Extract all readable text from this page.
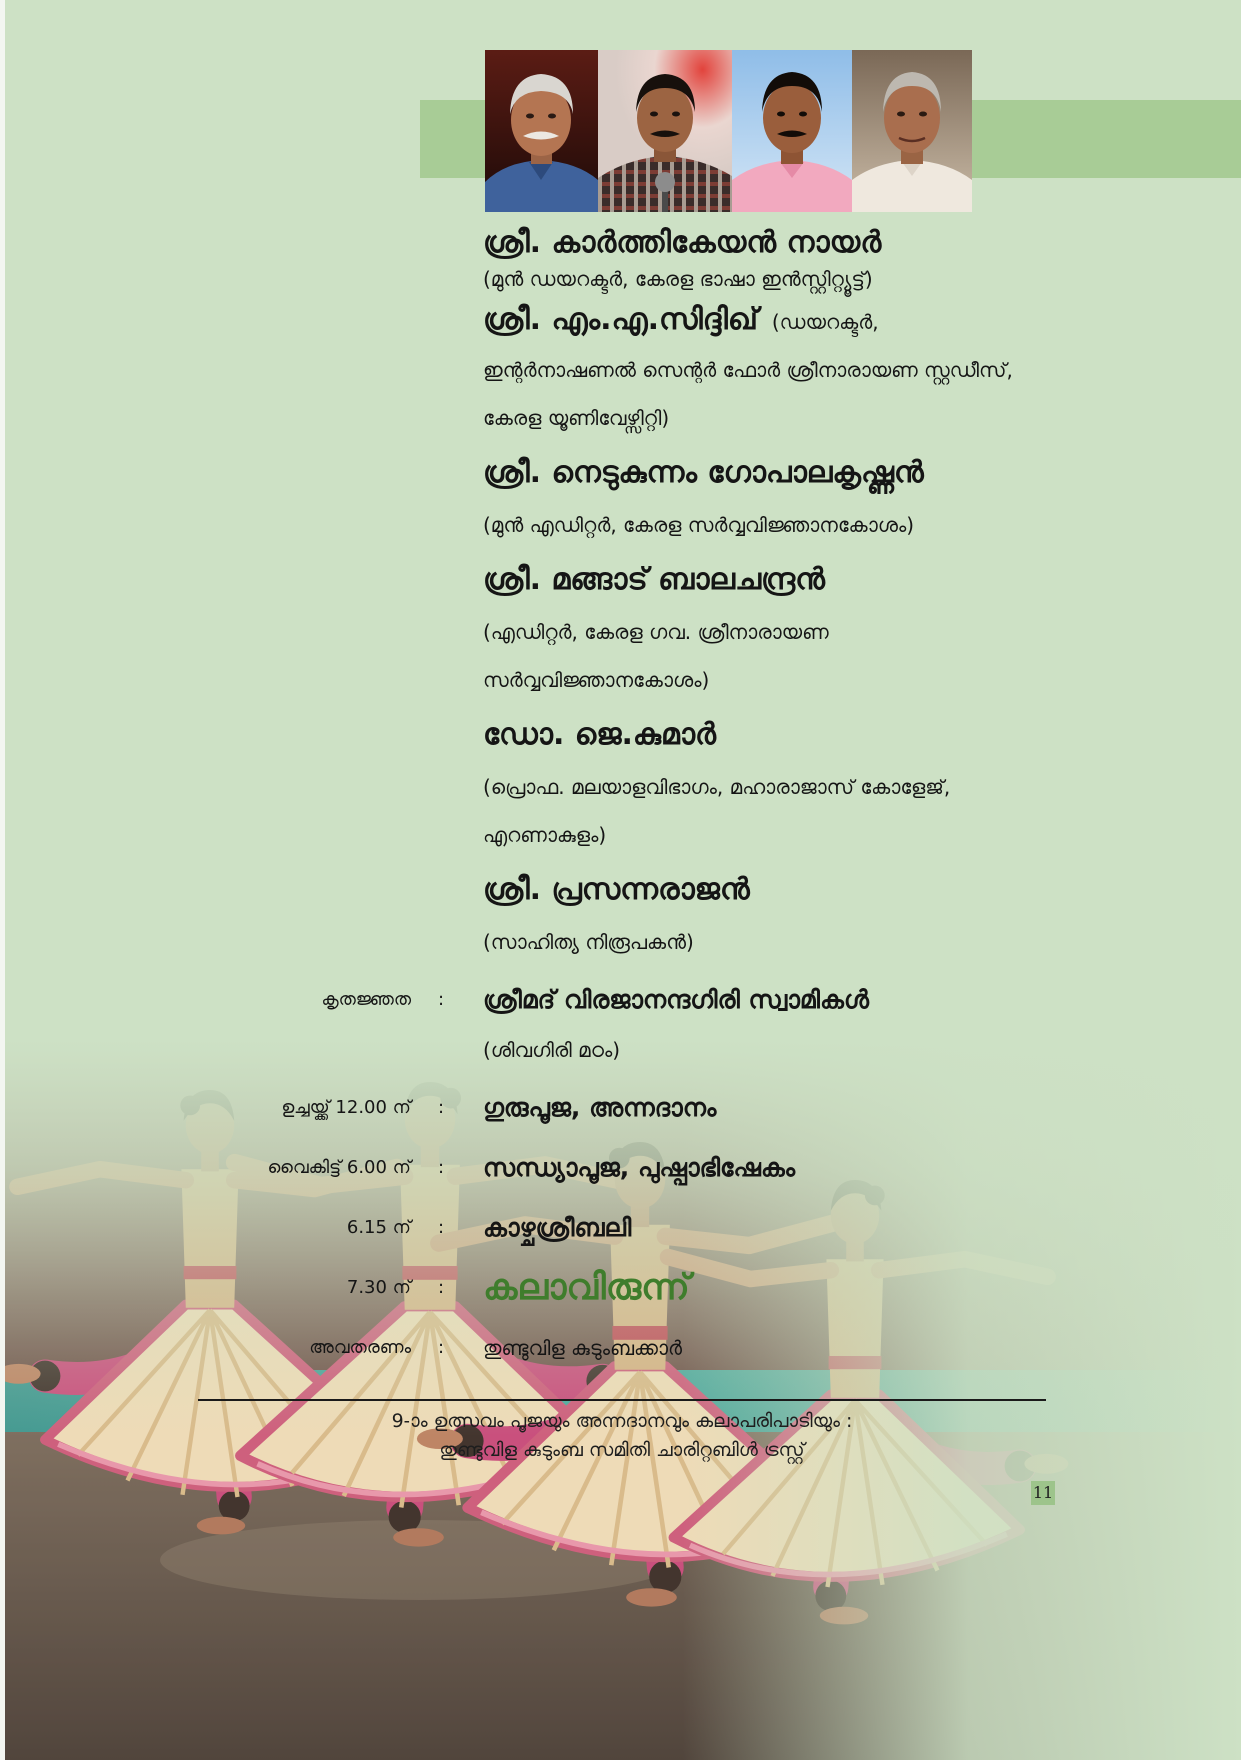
ശ്രീ. കാർത്തികേയൻ നായർ
(മുൻ ഡയറക്ടർ, കേരള ഭാഷാ ഇൻസ്റ്റിറ്റ്യൂട്ട്)
ശ്രീ. എം.എ.സിദ്ദിഖ് (ഡയറക്ടർ,
ഇന്റർനാഷണൽ സെന്റർ ഫോർ ശ്രീനാരായണ സ്റ്റഡീസ്,
കേരള യൂണിവേഴ്സിറ്റി)
ശ്രീ. നെടുകുന്നം ഗോപാലകൃഷ്ണൻ
(മുൻ എഡിറ്റർ, കേരള സർവ്വവിജ്ഞാനകോശം)
ശ്രീ. മങ്ങാട് ബാലചന്ദ്രൻ
(എഡിറ്റർ, കേരള ഗവ. ശ്രീനാരായണ
സർവ്വവിജ്ഞാനകോശം)
ഡോ. ജെ.കുമാർ
(പ്രൊഫ. മലയാളവിഭാഗം, മഹാരാജാസ് കോളേജ്,
എറണാകുളം)
ശ്രീ. പ്രസന്നരാജൻ
(സാഹിത്യ നിരൂപകൻ)
കൃതജ്ഞത : ശ്രീമദ് വിരജാനന്ദഗിരി സ്വാമികൾ
(ശിവഗിരി മഠം)
ഉച്ചയ്ക്ക് 12.00 ന് : ഗുരുപൂജ, അന്നദാനം
വൈകിട്ട് 6.00 ന് : സന്ധ്യാപൂജ, പുഷ്പാഭിഷേകം
6.15 ന് : കാഴ്ചശ്രീബലി
7.30 ന് : കലാവിരുന്ന്
അവതരണം : തുണ്ടുവിള കുടുംബക്കാർ
9-ാം ഉത്സവം പൂജയും അന്നദാനവും കലാപരിപാടിയും :
തുണ്ടുവിള കുടുംബ സമിതി ചാരിറ്റബിൾ ട്രസ്റ്റ്
11
